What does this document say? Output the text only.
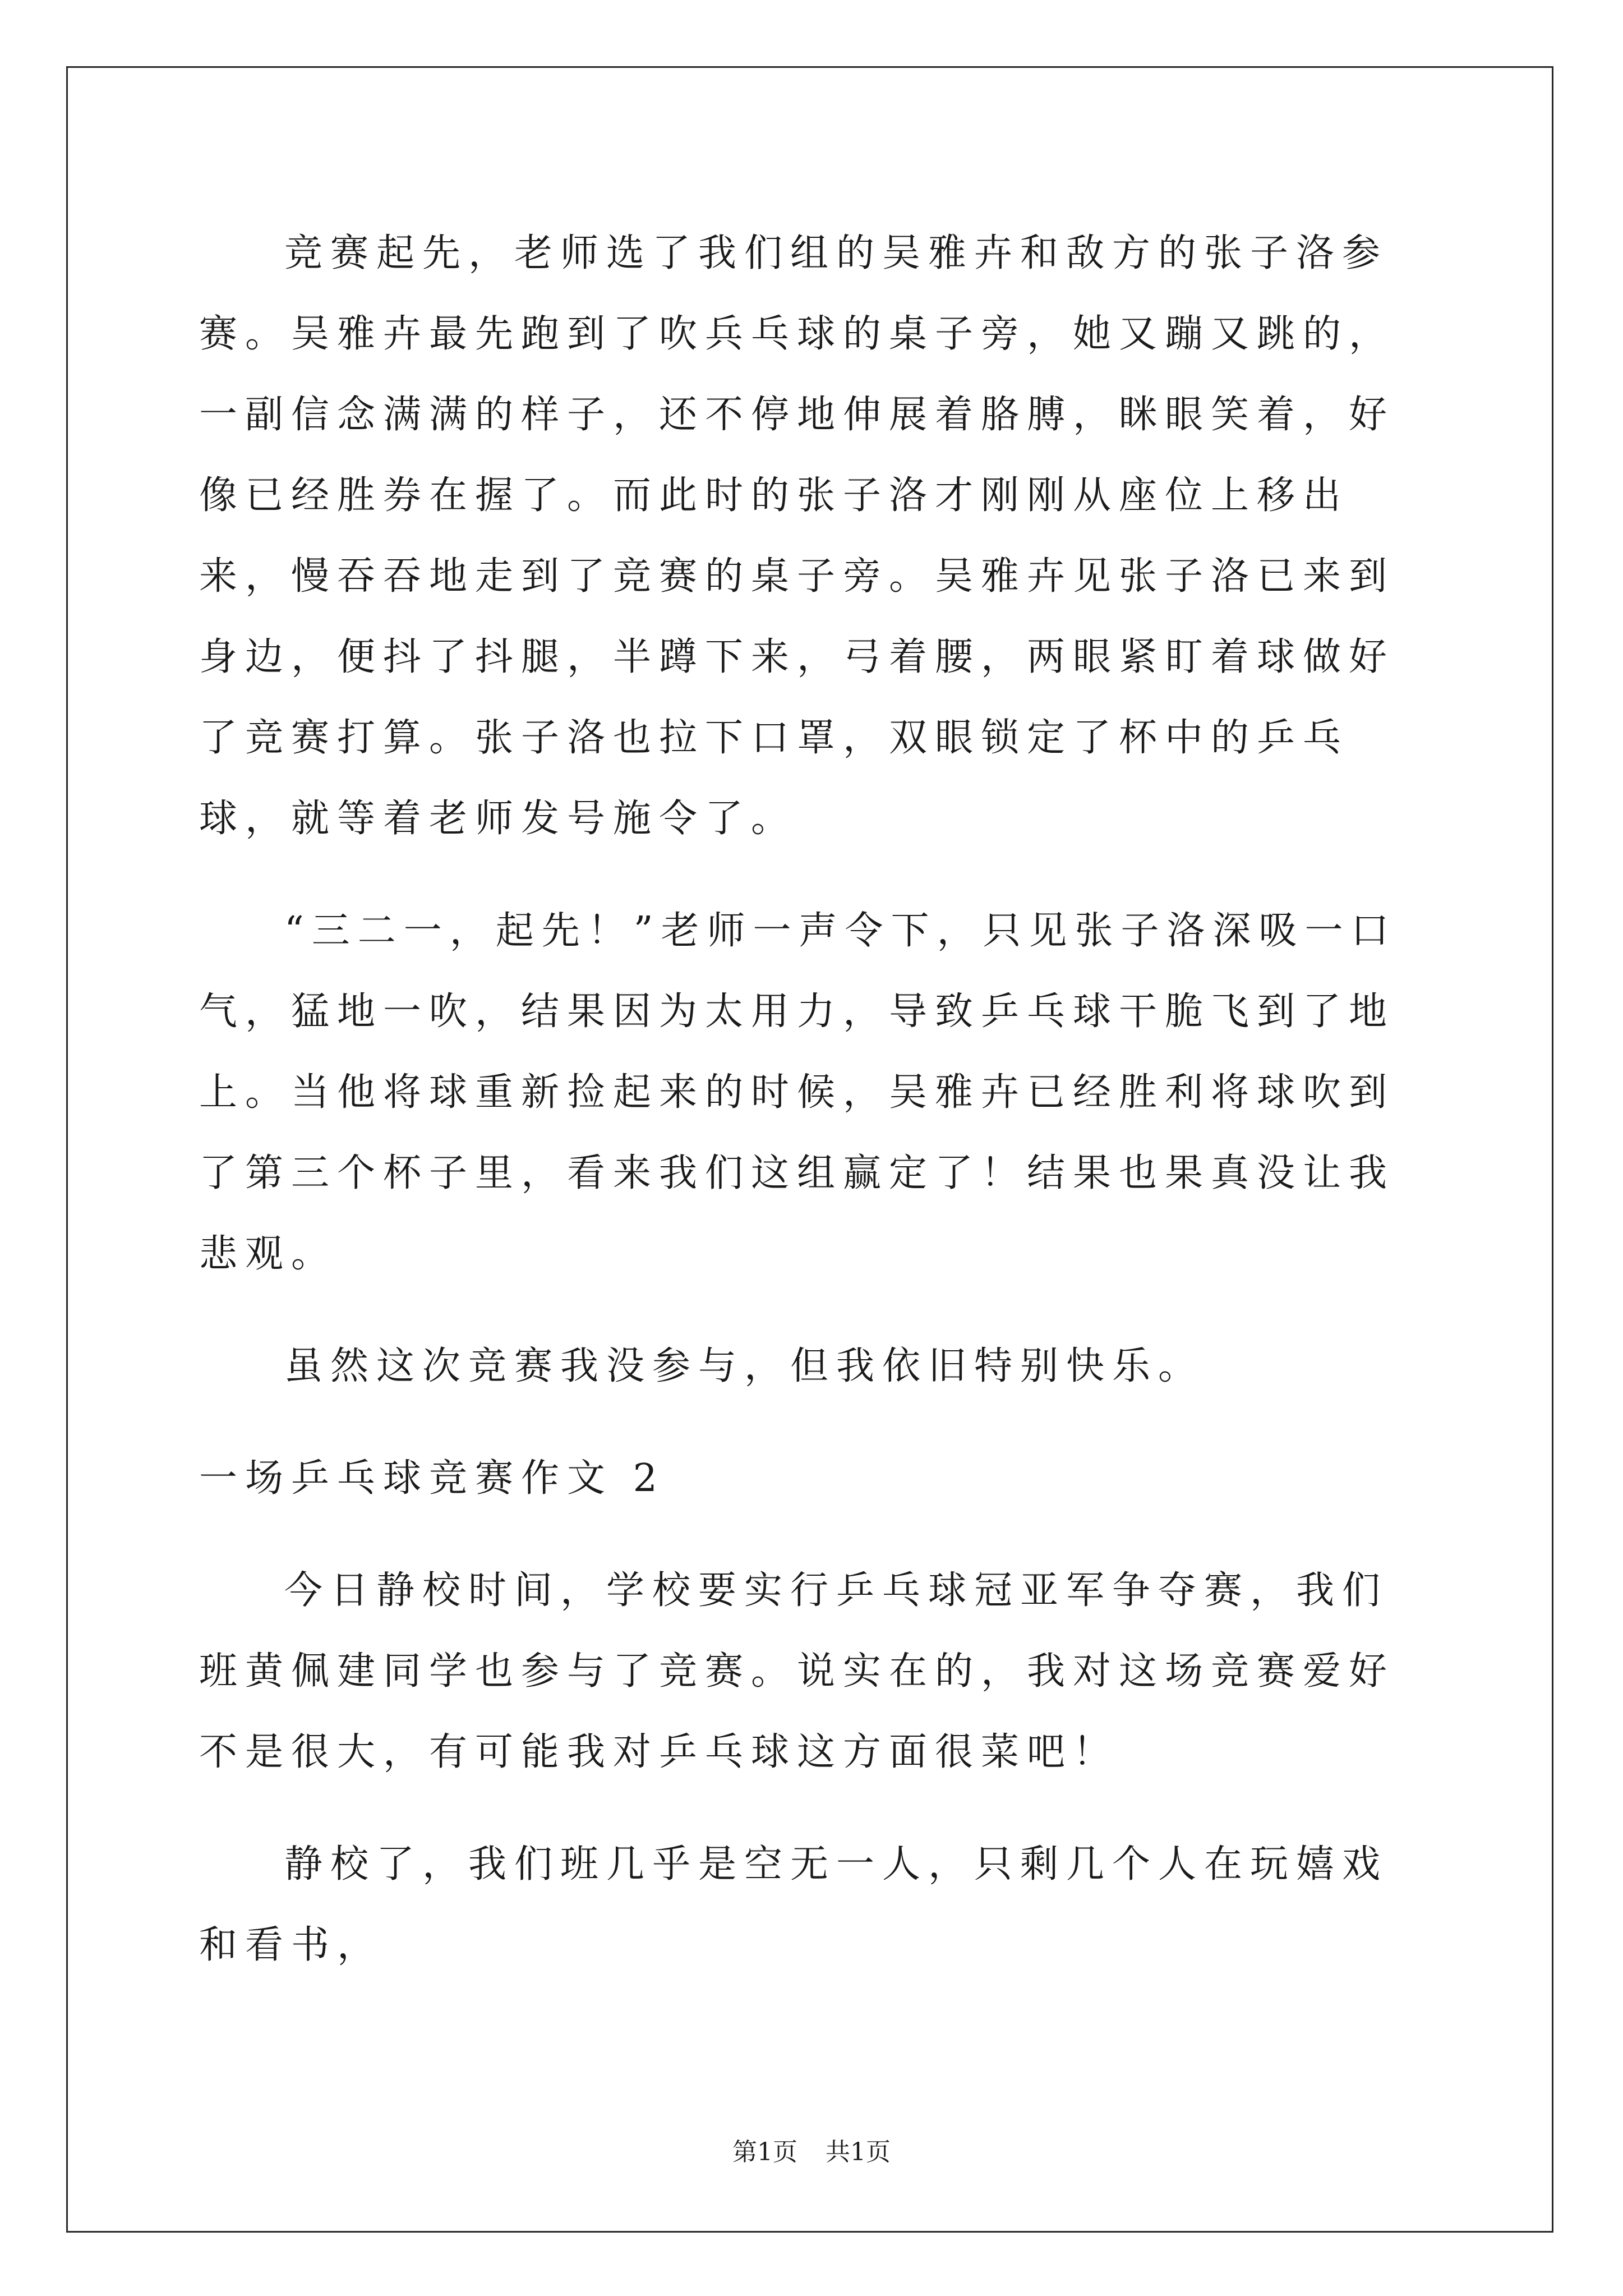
竞赛起先，老师选了我们组的吴雅卉和敌方的张子洛参赛。吴雅卉最先跑到了吹兵乓球的桌子旁，她又蹦又跳的，一副信念满满的样子，还不停地伸展着胳膊，眯眼笑着，好像已经胜券在握了。而此时的张子洛才刚刚从座位上移出来，慢吞吞地走到了竞赛的桌子旁。吴雅卉见张子洛已来到身边，便抖了抖腿，半蹲下来，弓着腰，两眼紧盯着球做好了竞赛打算。张子洛也拉下口罩，双眼锁定了杯中的乒乓球，就等着老师发号施令了。

“三二一，起先！”老师一声令下，只见张子洛深吸一口气，猛地一吹，结果因为太用力，导致乒乓球干脆飞到了地上。当他将球重新捡起来的时候，吴雅卉已经胜利将球吹到了第三个杯子里，看来我们这组赢定了！结果也果真没让我悲观。

虽然这次竞赛我没参与，但我依旧特别快乐。

一场乒乓球竞赛作文 2

今日静校时间，学校要实行乒乓球冠亚军争夺赛，我们班黄佩建同学也参与了竞赛。说实在的，我对这场竞赛爱好不是很大，有可能我对乒乓球这方面很菜吧！

静校了，我们班几乎是空无一人，只剩几个人在玩嬉戏和看书，

第1页 共1页
